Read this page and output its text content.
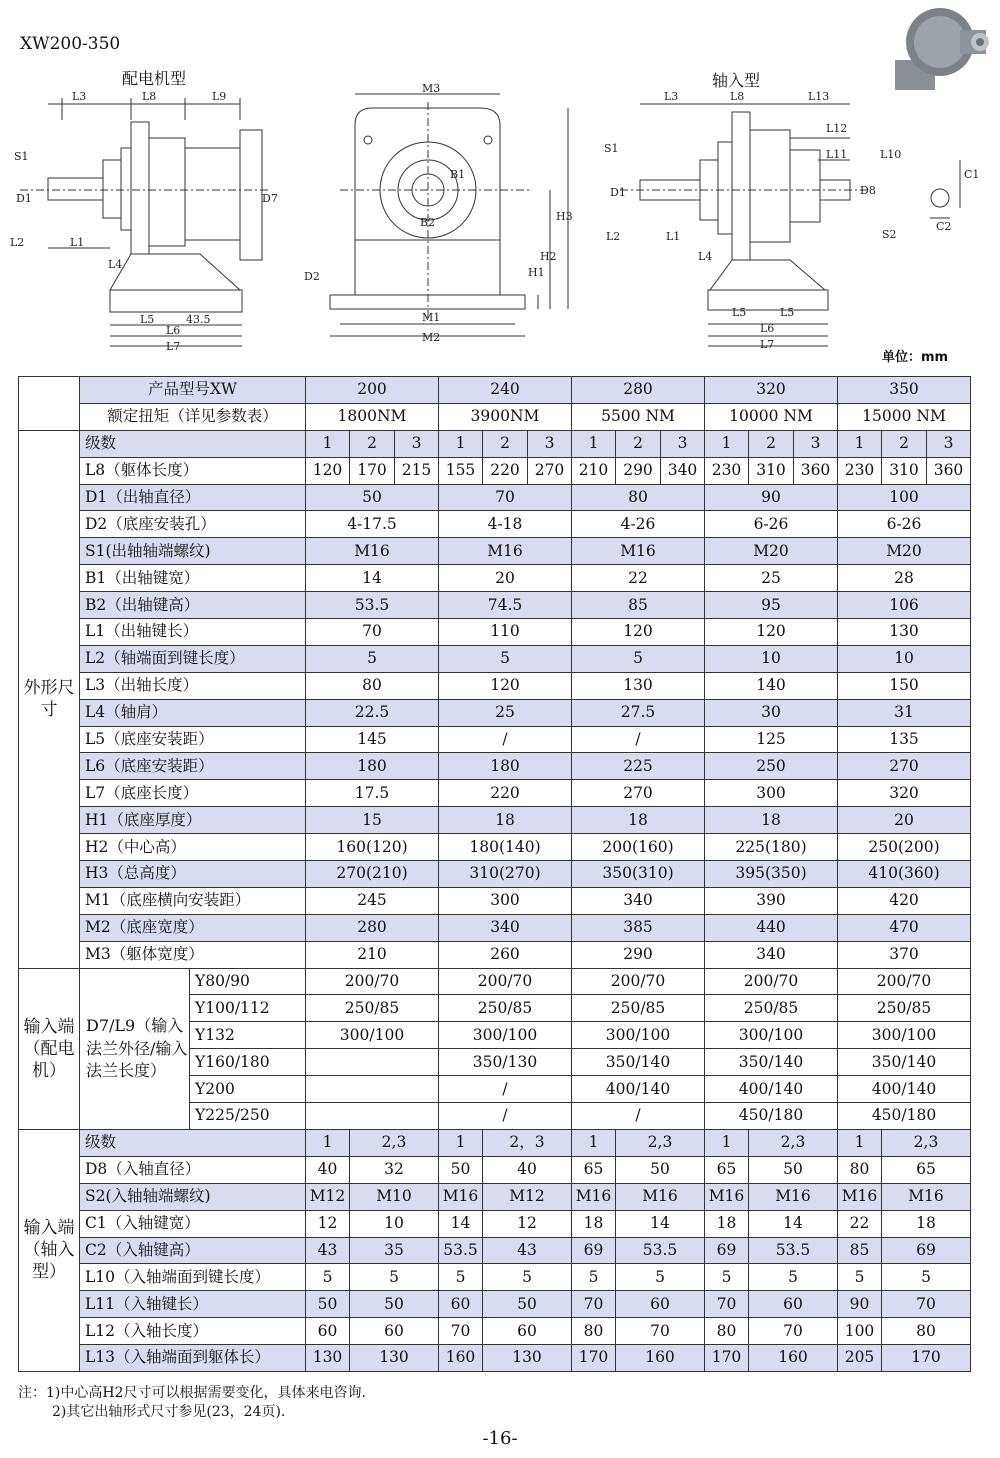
XW200-350
配电机型	轴入型
单位：mm
L3	L8	L9
S1
D1	D7
L2	L1
L4
L5	43.5
L6
L7
M3
B1
B2	H3
H2
H1
D2
M1
M2
L3	L8	L13
L12
L11	L10
S1
D1	D8
S2
L2	L1
L4
L5	L5
L6
L7
C1
C2
	产品型号XW		200			240			280			320			350		
	额定扭矩（详见参数表）		1800NM			3900NM			5500 NM			10000 NM			15000 NM		
外形尺寸	级数		1	2	3	1	2	3	1	2	3	1	2	3	1	2	3
	L8（躯体长度）		120	170	215	155	220	270	210	290	340	230	310	360	230	310	360
	D1（出轴直径）		50			70			80			90			100		
	D2（底座安装孔）		4-17.5			4-18			4-26			6-26			6-26		
	S1(出轴轴端螺纹)		M16			M16			M16			M20			M20		
	B1（出轴键宽）		14			20			22			25			28		
	B2（出轴键高）		53.5			74.5			85			95			106		
	L1（出轴键长）		70			110			120			120			130		
	L2（轴端面到键长度）		5			5			5			10			10		
	L3（出轴长度）		80			120			130			140			150		
	L4（轴肩）		22.5			25			27.5			30			31		
	L5（底座安装距）		145			/			/			125			135		
	L6（底座安装距）		180			180			225			250			270		
	L7（底座长度）		17.5			220			270			300			320		
	H1（底座厚度）		15			18			18			18			20		
	H2（中心高）		160(120)			180(140)			200(160)			225(180)			250(200)		
	H3（总高度）		270(210)			310(270)			350(310)			395(350)			410(360)		
	M1（底座横向安装距）		245			300			340			390			420		
	M2（底座宽度）		280			340			385			440			470		
	M3（躯体宽度）		210			260			290			340			370		
输入端（配电机）	D7/L9（输入法兰外径/输入法兰长度）	Y80/90	200/70			200/70			200/70			200/70			200/70		
		Y100/112	250/85			250/85			250/85			250/85			250/85		
		Y132	300/100			300/100			300/100			300/100			300/100		
		Y160/180				350/130			350/140			350/140			350/140		
		Y200				/			400/140			400/140			400/140		
		Y225/250				/			/			450/180			450/180		
输入端（轴入型）	级数		1	2,3		1	2，3		1	2,3		1	2,3		1	2,3	
	D8（入轴直径）		40	32		50	40		65	50		65	50		80	65	
	S2(入轴轴端螺纹)		M12	M10		M16	M12		M16	M16		M16	M16		M16	M16	
	C1（入轴键宽）		12	10		14	12		18	14		18	14		22	18	
	C2（入轴键高）		43	35		53.5	43		69	53.5		69	53.5		85	69	
	L10（入轴端面到键长度）		5	5		5	5		5	5		5	5		5	5	
	L11（入轴键长）		50	50		60	50		70	60		70	60		90	70	
	L12（入轴长度）		60	60		70	60		80	70		80	70		100	80	
	L13（入轴端面到躯体长）		130	130		160	130		170	160		170	160		205	170	
注：1)中心高H2尺寸可以根据需要变化，具体来电咨询.
2)其它出轴形式尺寸参见(23，24页).
-16-
